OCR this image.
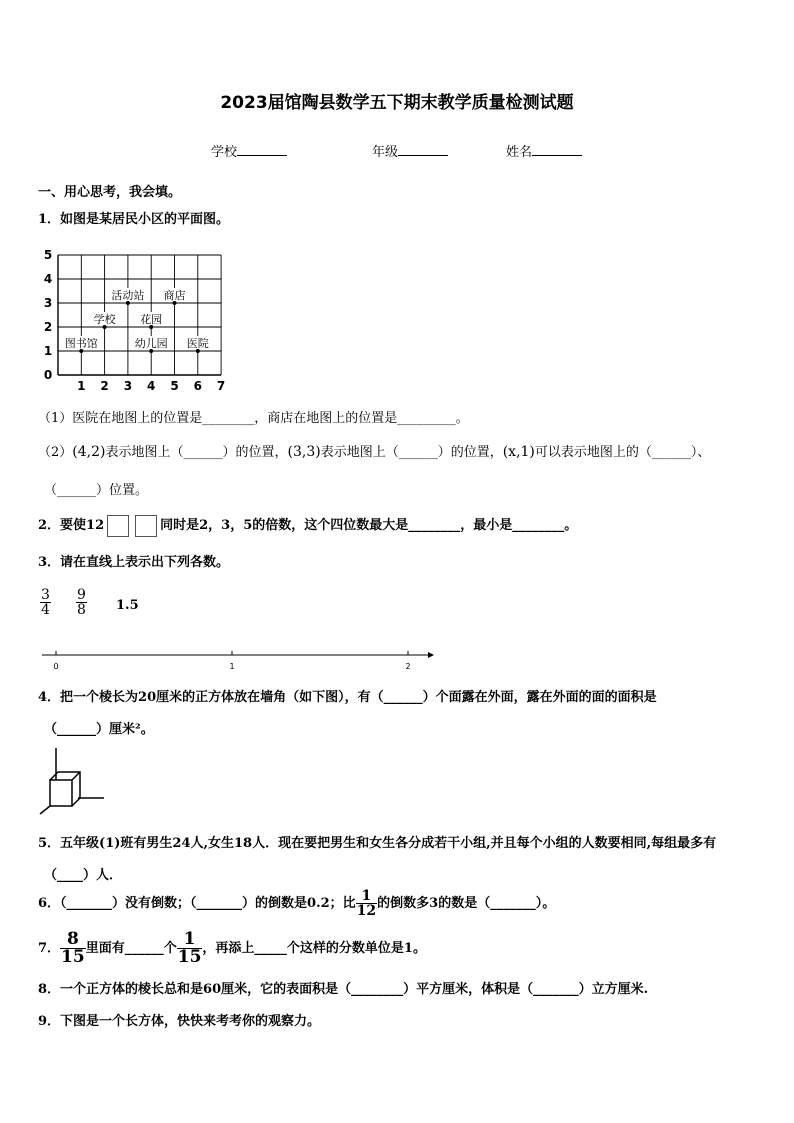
2023届馆陶县数学五下期末教学质量检测试题
学校	年级	姓名
一、用心思考，我会填。
1．如图是某居民小区的平面图。
0
1
2
3
4
5
1 2 3 4 5 6 7
活动站 商店
花园
学校
医院
图书馆	幼儿园
（1）医院在地图上的位置是________，商店在地图上的位置是_________。
（2）(4,2)表示地图上（______）的位置，(3,3)表示地图上（______）的位置，(x,1)可以表示地图上的（______）、
（______）位置。
2．要使12	同时是2，3，5的倍数，这个四位数最大是________，最小是________。
3．请在直线上表示出下列各数。
$\frac{3}{4} \frac{9}{8} 1.5$
0	1	2
4．把一个棱长为20厘米的正方体放在墙角（如下图），有（______）个面露在外面，露在外面的面的面积是
（______）厘米²。
5．五年级(1)班有男生24人,女生18人．现在要把男生和女生各分成若干小组,并且每个小组的人数要相同,每组最多有
（____）人．
6．（_______）没有倒数；（_______）的倒数是0.2；比 $\frac{1}{12}$ 的倒数多3的数是（_______）。
7． $\frac{8}{15}$ 里面有______个 $\frac{1}{15}$ ，再添上_____个这样的分数单位是1。
8．一个正方体的棱长总和是60厘米，它的表面积是（________）平方厘米，体积是（_______）立方厘米.
9．下图是一个长方体，快快来考考你的观察力。
